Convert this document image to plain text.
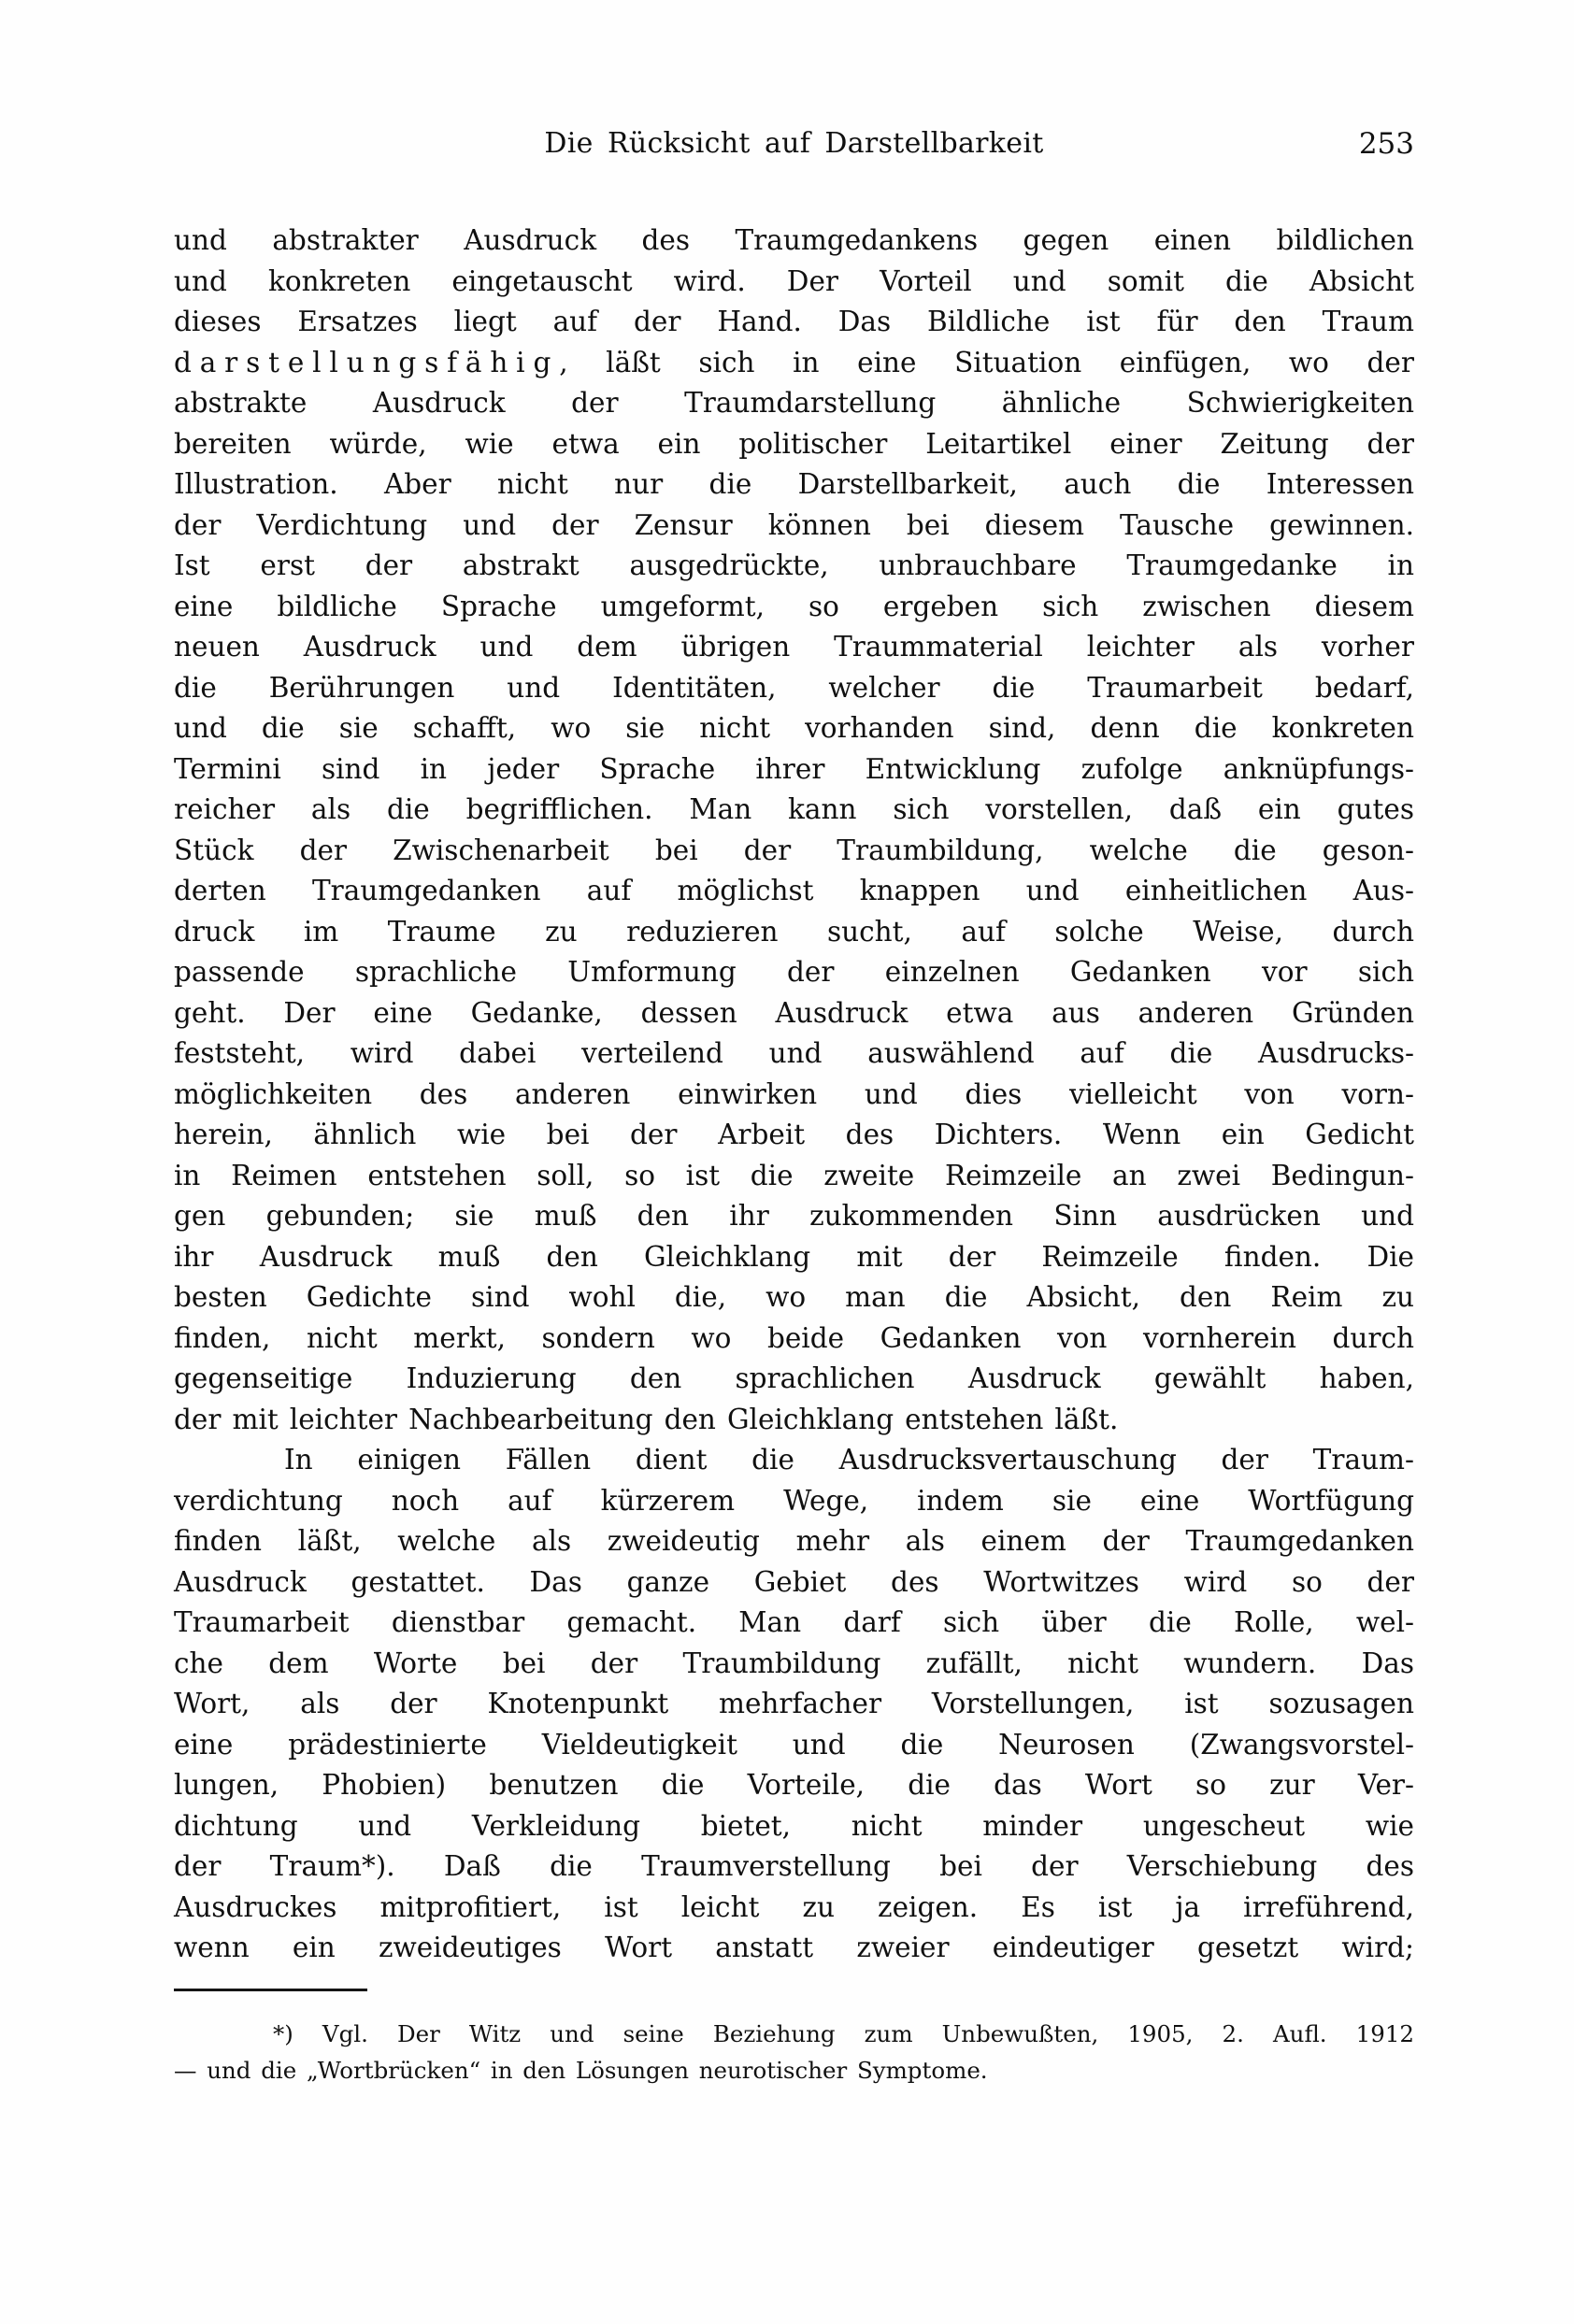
Die Rücksicht auf Darstellbarkeit	253
und abstrakter Ausdruck des Traumgedankens gegen einen bildlichen
und konkreten eingetauscht wird. Der Vorteil und somit die Absicht
dieses Ersatzes liegt auf der Hand. Das Bildliche ist für den Traum
darstellungsfähig, läßt sich in eine Situation einfügen, wo der
abstrakte Ausdruck der Traumdarstellung ähnliche Schwierigkeiten
bereiten würde, wie etwa ein politischer Leitartikel einer Zeitung der
Illustration. Aber nicht nur die Darstellbarkeit, auch die Interessen
der Verdichtung und der Zensur können bei diesem Tausche gewinnen.
Ist erst der abstrakt ausgedrückte, unbrauchbare Traumgedanke in
eine bildliche Sprache umgeformt, so ergeben sich zwischen diesem
neuen Ausdruck und dem übrigen Traummaterial leichter als vorher
die Berührungen und Identitäten, welcher die Traumarbeit bedarf,
und die sie schafft, wo sie nicht vorhanden sind, denn die konkreten
Termini sind in jeder Sprache ihrer Entwicklung zufolge anknüpfungs-
reicher als die begrifflichen. Man kann sich vorstellen, daß ein gutes
Stück der Zwischenarbeit bei der Traumbildung, welche die geson-
derten Traumgedanken auf möglichst knappen und einheitlichen Aus-
druck im Traume zu reduzieren sucht, auf solche Weise, durch
passende sprachliche Umformung der einzelnen Gedanken vor sich
geht. Der eine Gedanke, dessen Ausdruck etwa aus anderen Gründen
feststeht, wird dabei verteilend und auswählend auf die Ausdrucks-
möglichkeiten des anderen einwirken und dies vielleicht von vorn-
herein, ähnlich wie bei der Arbeit des Dichters. Wenn ein Gedicht
in Reimen entstehen soll, so ist die zweite Reimzeile an zwei Bedingun-
gen gebunden; sie muß den ihr zukommenden Sinn ausdrücken und
ihr Ausdruck muß den Gleichklang mit der Reimzeile finden. Die
besten Gedichte sind wohl die, wo man die Absicht, den Reim zu
finden, nicht merkt, sondern wo beide Gedanken von vornherein durch
gegenseitige Induzierung den sprachlichen Ausdruck gewählt haben,
der mit leichter Nachbearbeitung den Gleichklang entstehen läßt.
In einigen Fällen dient die Ausdrucksvertauschung der Traum-
verdichtung noch auf kürzerem Wege, indem sie eine Wortfügung
finden läßt, welche als zweideutig mehr als einem der Traumgedanken
Ausdruck gestattet. Das ganze Gebiet des Wortwitzes wird so der
Traumarbeit dienstbar gemacht. Man darf sich über die Rolle, wel-
che dem Worte bei der Traumbildung zufällt, nicht wundern. Das
Wort, als der Knotenpunkt mehrfacher Vorstellungen, ist sozusagen
eine prädestinierte Vieldeutigkeit und die Neurosen (Zwangsvorstel-
lungen, Phobien) benutzen die Vorteile, die das Wort so zur Ver-
dichtung und Verkleidung bietet, nicht minder ungescheut wie
der Traum*). Daß die Traumverstellung bei der Verschiebung des
Ausdruckes mitprofitiert, ist leicht zu zeigen. Es ist ja irreführend,
wenn ein zweideutiges Wort anstatt zweier eindeutiger gesetzt wird;
*) Vgl. Der Witz und seine Beziehung zum Unbewußten, 1905, 2. Aufl. 1912
— und die „Wortbrücken“ in den Lösungen neurotischer Symptome.
